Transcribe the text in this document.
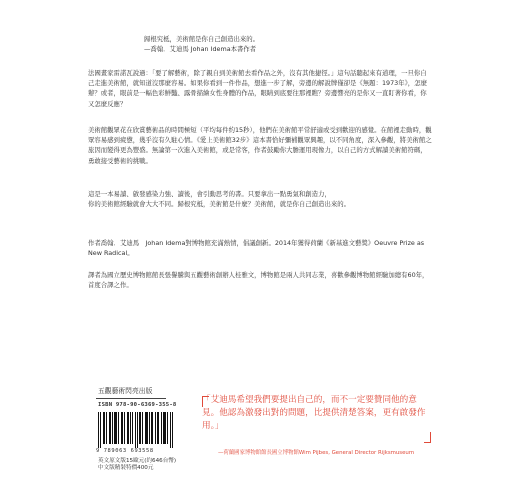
歸根究柢，美術館是你自己創造出來的。
—喬翰．艾迪馬 Johan Idema本書作者
法國畫家雷諾瓦說過：「要了解藝術，除了親自到美術館去看作品之外，沒有其他捷徑。」這句話聽起來有道理，一旦你自己走進美術館，就知道沒那麼容易。如果你看到一件作品，想進一步了解，旁邊的解說牌僅卻是《無題：1973年》，怎麼辦？或者，眼前是一幅色彩鮮豔、露骨描繪女性身體的作品，眼睛到底要往那裡瞧？旁邊響亮的是你又一直盯著你看，你又怎麼反應？
美術館觀眾花在欣賞藝術品的時間極短（平均每件約15秒），他們在美術館平常舒適或受到歡迎的感覺。在館裡走動時，觀眾容易感到疲憊，幾乎沒有久駐心情。《愛上美術館32步》這本書恰好彌補觀眾興趣，以不同角度，深入參觀，將美術館之旅因而變得更為豐盛。無論第一次進入美術館，或是常客，作者鼓勵你大膽運用現像力，以自己的方式解讀美術館符碼，勇敢接受藝術的挑戰。
這是一本易讀、啟發感染力強、讀後，會引動思考的書。只要拿出一點勇氣和創造力，
你的美術館經驗就會大大不同。歸根究柢，美術館是什麼？美術館，就是你自己創造出來的。
作者喬翰．艾迪馬　Johan Idema對博物館充滿熱情，倡議創新。2014年獲得荷蘭《新基進文藝獎》Oeuvre Prize as New Radical。
譯者為國立歷史博物館館長張譽騰與五觀藝術創辦人桂雅文，博物館是兩人共同志業，喜歡參觀博物館經驗加總有60年，首度合譯之作。
五觀藝術閃亮出版
ISBN 978-90-6369-355-8
9 789063 693558
英文原文版15歐元(約646台幣)
中文版精裝特價400元
「艾迪馬希望我們要提出自己的，而不一定要贊同他的意見。他認為激發出對的問題，比提供清楚答案，更有啟發作用。」
—荷蘭國家博物館館長國立博物館Wim Pijbes, General Director Rijksmuseum
